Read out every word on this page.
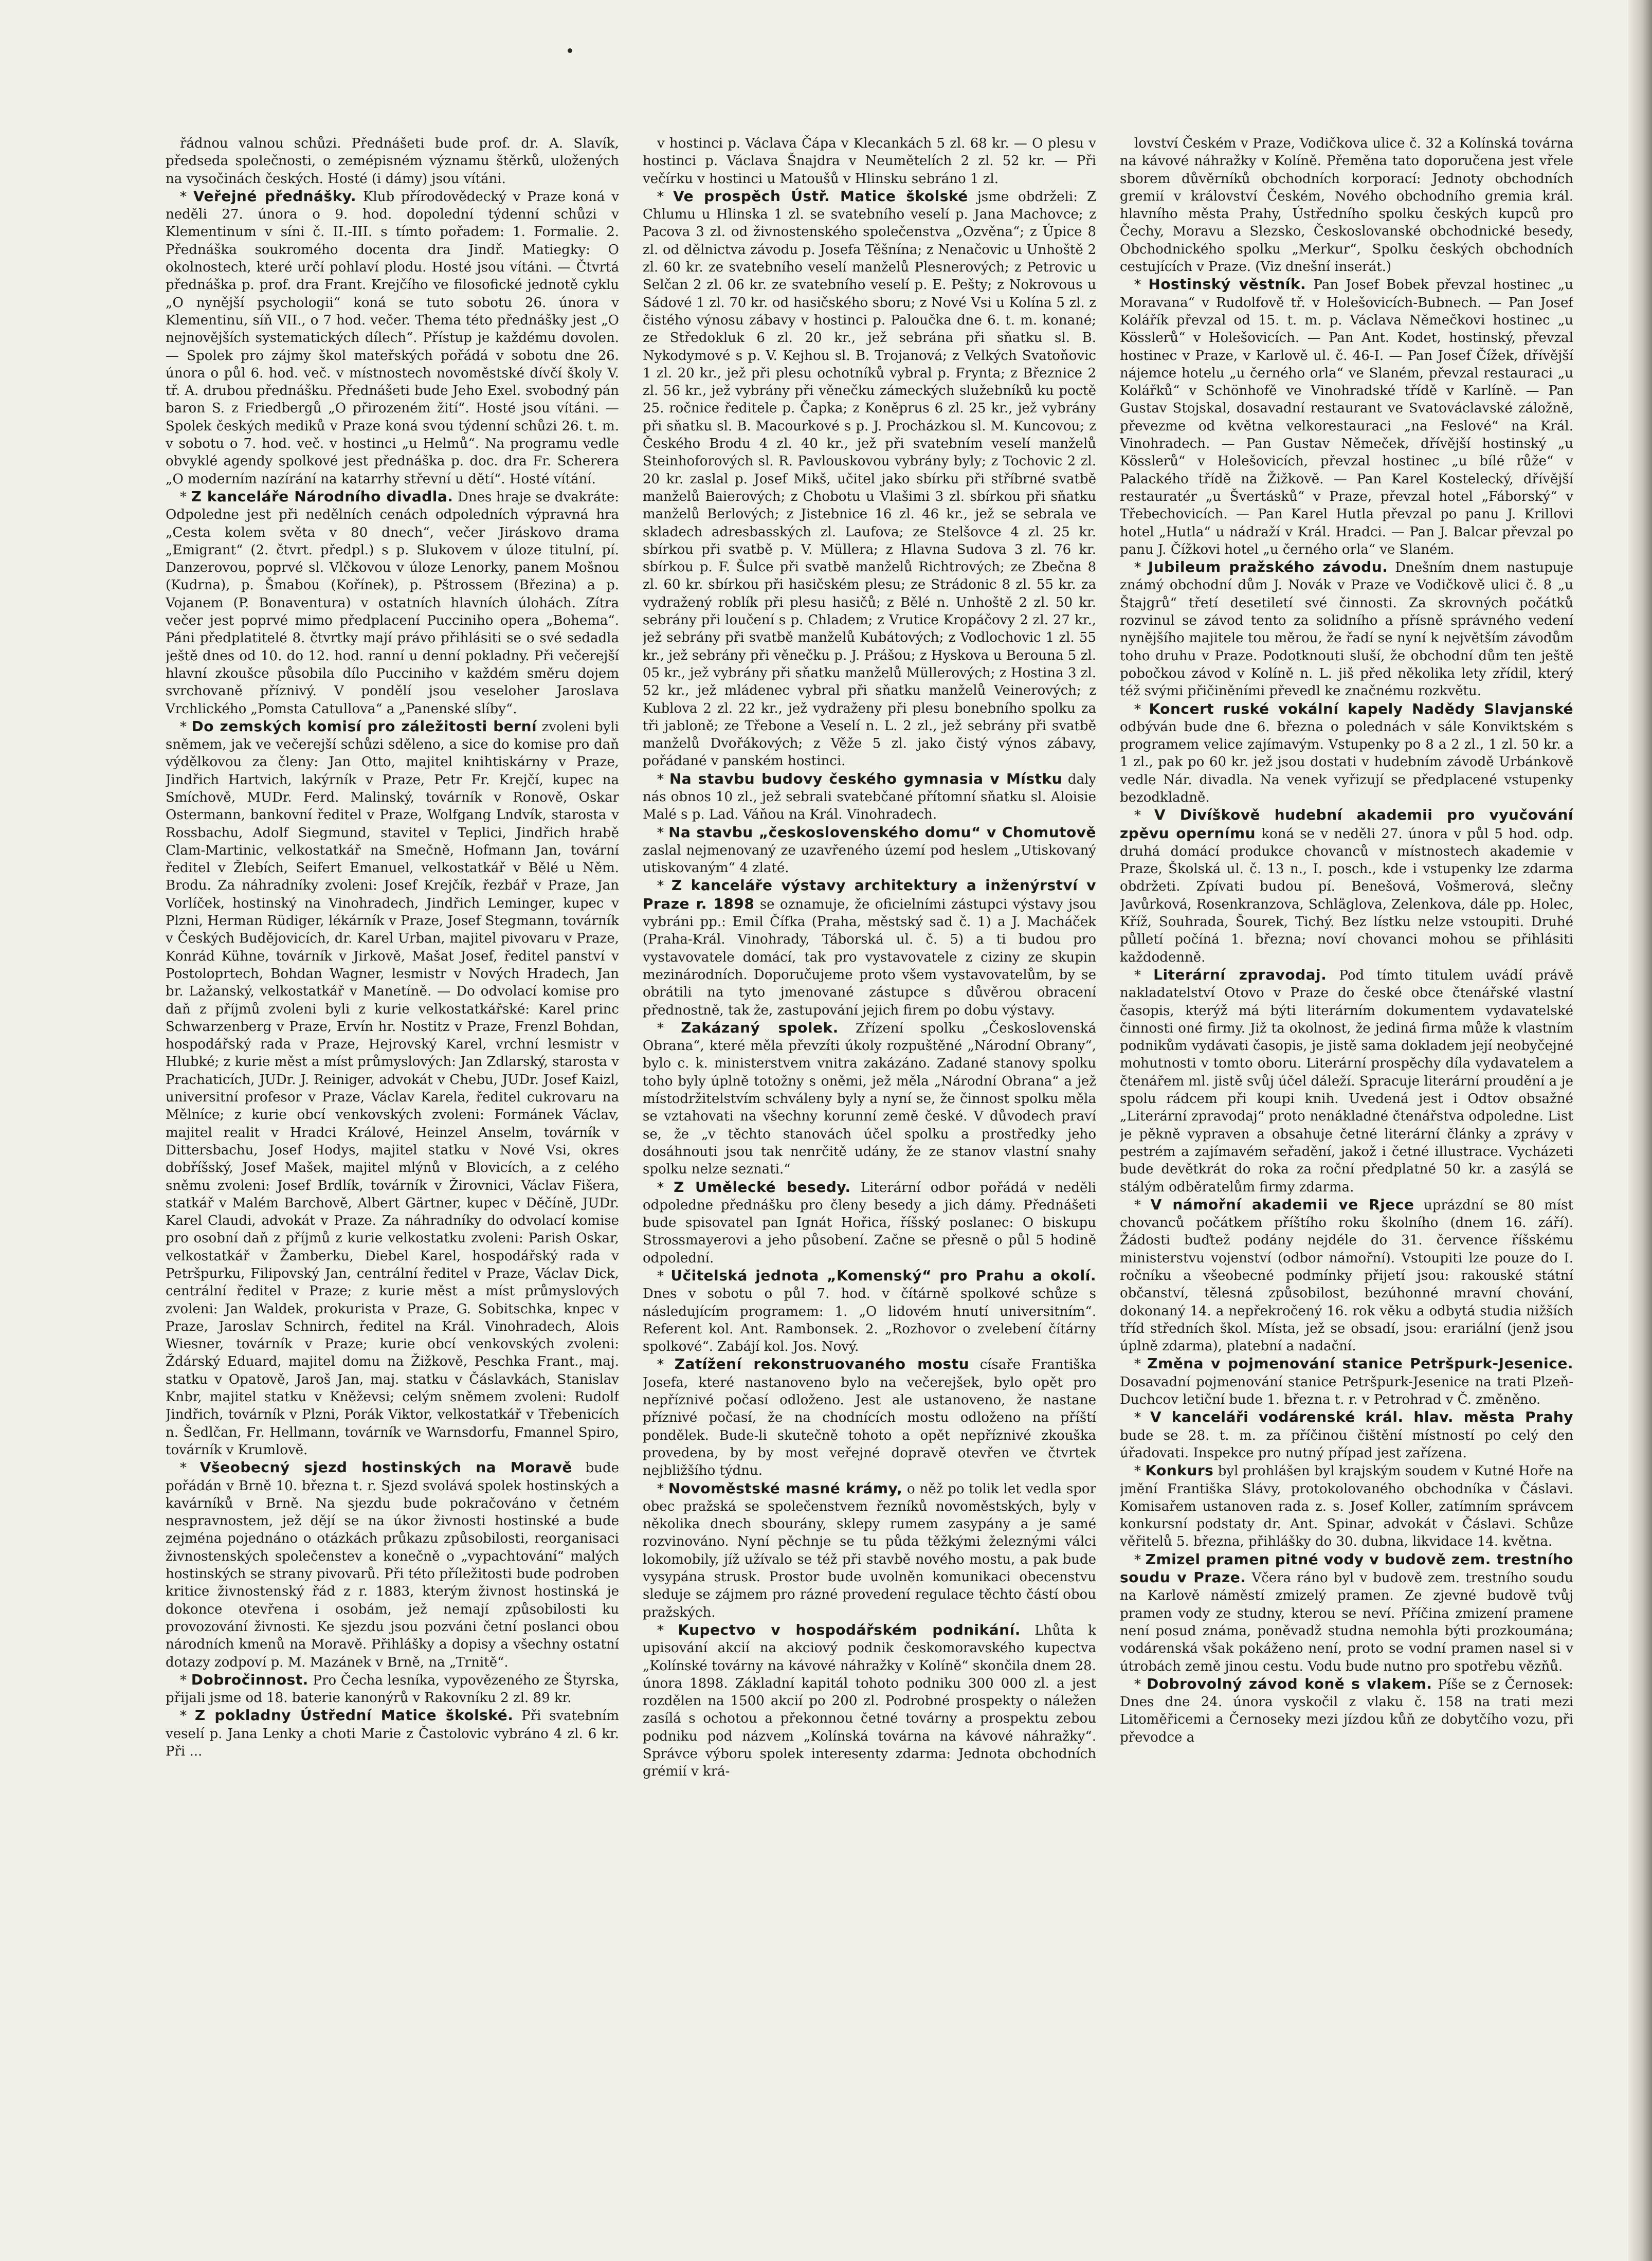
řádnou valnou schůzi. Přednášeti bude prof. dr. A. Slavík, předseda společnosti, o zemépisném významu štěrků, uložených na vysočinách českých. Hosté (i dámy) jsou vítáni.

* Veřejné přednášky. Klub přírodovědecký v Praze koná v neděli 27. února o 9. hod. dopolední týdenní schůzi v Klementinum v síni č. II.-III. s tímto pořadem: 1. Formalie. 2. Přednáška soukromého docenta dra Jindř. Matiegky: O okolnostech, které určí pohlaví plodu. Hosté jsou vítáni. — Čtvrtá přednáška p. prof. dra Frant. Krejčího ve filosofické jednotě cyklu „O nynější psychologii“ koná se tuto sobotu 26. února v Klementinu, síň VII., o 7 hod. večer. Thema této přednášky jest „O nejnovějších systematických dílech“. Přístup je každému dovolen. — Spolek pro zájmy škol mateřských pořádá v sobotu dne 26. února o půl 6. hod. več. v místnostech novoměstské dívčí školy V. tř. A. drubou přednášku. Přednášeti bude Jeho Exel. svobodný pán baron S. z Friedbergů „O přirozeném žití“. Hosté jsou vítáni. — Spolek českých mediků v Praze koná svou týdenní schůzi 26. t. m. v sobotu o 7. hod. več. v hostinci „u Helmů“. Na programu vedle obvyklé agendy spolkové jest přednáška p. doc. dra Fr. Scherera „O moderním nazírání na katarrhy střevní u dětí“. Hosté vítání.

* Z kanceláře Národního divadla. Dnes hraje se dvakráte: Odpoledne jest při nedělních cenách odpoledních výpravná hra „Cesta kolem světa v 80 dnech“, večer Jiráskovo drama „Emigrant“ (2. čtvrt. předpl.) s p. Slukovem v úloze titulní, pí. Danzerovou, poprvé sl. Vlčkovou v úloze Lenorky, panem Mošnou (Kudrna), p. Šmabou (Kořínek), p. Pštrossem (Březina) a p. Vojanem (P. Bonaventura) v ostatních hlavních úlohách. Zítra večer jest poprvé mimo předplacení Pucciniho opera „Bohema“. Páni předplatitelé 8. čtvrtky mají právo přihlásiti se o své sedadla ještě dnes od 10. do 12. hod. ranní u denní pokladny. Při večerejší hlavní zkoušce působila dílo Pucciniho v každém směru dojem svrchovaně příznivý. V pondělí jsou veseloher Jaroslava Vrchlického „Pomsta Catullova“ a „Panenské slíby“.

* Do zemských komisí pro záležitosti berní zvoleni byli sněmem, jak ve večerejší schůzi sděleno, a sice do komise pro daň výdělkovou za členy: Jan Otto, majitel knihtiskárny v Praze, Jindřich Hartvich, lakýrník v Praze, Petr Fr. Krejčí, kupec na Smíchově, MUDr. Ferd. Malinský, továrník v Ronově, Oskar Ostermann, bankovní ředitel v Praze, Wolfgang Lndvík, starosta v Rossbachu, Adolf Siegmund, stavitel v Teplici, Jindřich hrabě Clam-Martinic, velkostatkář na Smečně, Hofmann Jan, tovární ředitel v Žlebích, Seifert Emanuel, velkostatkář v Bělé u Něm. Brodu. Za náhradníky zvoleni: Josef Krejčík, řezbář v Praze, Jan Vorlíček, hostinský na Vinohradech, Jindřich Leminger, kupec v Plzni, Herman Rüdiger, lékárník v Praze, Josef Stegmann, továrník v Českých Budějovicích, dr. Karel Urban, majitel pivovaru v Praze, Konrád Kühne, továrník v Jirkově, Mašat Josef, ředitel panství v Postoloprtech, Bohdan Wagner, lesmistr v Nových Hradech, Jan br. Lažanský, velkostatkář v Manetíně. — Do odvolací komise pro daň z příjmů zvoleni byli z kurie velkostatkářské: Karel princ Schwarzenberg v Praze, Ervín hr. Nostitz v Praze, Frenzl Bohdan, hospodářský rada v Praze, Hejrovský Karel, vrchní lesmistr v Hlubké; z kurie měst a míst průmyslových: Jan Zdlarský, starosta v Prachaticích, JUDr. J. Reiniger, advokát v Chebu, JUDr. Josef Kaizl, universitní profesor v Praze, Václav Karela, ředitel cukrovaru na Mělníce; z kurie obcí venkovských zvoleni: Formánek Václav, majitel realit v Hradci Králové, Heinzel Anselm, továrník v Dittersbachu, Josef Hodys, majitel statku v Nové Vsi, okres dobříšský, Josef Mašek, majitel mlýnů v Blovicích, a z celého sněmu zvoleni: Josef Brdlík, továrník v Žirovnici, Václav Fišera, statkář v Malém Barchově, Albert Gärtner, kupec v Děčíně, JUDr. Karel Claudi, advokát v Praze. Za náhradníky do odvolací komise pro osobní daň z příjmů z kurie velkostatku zvoleni: Parish Oskar, velkostatkář v Žamberku, Diebel Karel, hospodářský rada v Petršpurku, Filipovský Jan, centrální ředitel v Praze, Václav Dick, centrální ředitel v Praze; z kurie měst a míst průmyslových zvoleni: Jan Waldek, prokurista v Praze, G. Sobitschka, knpec v Praze, Jaroslav Schnirch, ředitel na Král. Vinohradech, Alois Wiesner, továrník v Praze; kurie obcí venkovských zvoleni: Ždárský Eduard, majitel domu na Žižkově, Peschka Frant., maj. statku v Opatově, Jaroš Jan, maj. statku v Čáslavkách, Stanislav Knbr, majitel statku v Kněževsi; celým sněmem zvoleni: Rudolf Jindřich, továrník v Plzni, Porák Viktor, velkostatkář v Třebenicích n. Šedlčan, Fr. Hellmann, továrník ve Warnsdorfu, Fmannel Spiro, továrník v Krumlově.

* Všeobecný sjezd hostinských na Moravě bude pořádán v Brně 10. března t. r. Sjezd svolává spolek hostinských a kavárníků v Brně. Na sjezdu bude pokračováno v četném nespravnostem, jež dějí se na úkor živnosti hostinské a bude zejména pojednáno o otázkách průkazu způsobilosti, reorganisaci živnostenských společenstev a konečně o „vypachtování“ malých hostinských se strany pivovarů. Při této příležitosti bude podroben kritice živnostenský řád z r. 1883, kterým živnost hostinská je dokonce otevřena i osobám, jež nemají způsobilosti ku provozování živnosti. Ke sjezdu jsou pozváni četní poslanci obou národních kmenů na Moravě. Přihlášky a dopisy a všechny ostatní dotazy zodpoví p. M. Mazánek v Brně, na „Trnitě“.

* Dobročinnost. Pro Čecha lesníka, vypovězeného ze Štyrska, přijali jsme od 18. baterie kanonýrů v Rakovníku 2 zl. 89 kr.

* Z pokladny Ústřední Matice školské. Při svatebním veselí p. Jana Lenky a choti Marie z Častolovic vybráno 4 zl. 6 kr. Při ...

v hostinci p. Václava Čápa v Klecankách 5 zl. 68 kr. — O plesu v hostinci p. Václava Šnajdra v Neumětelích 2 zl. 52 kr. — Při večírku v hostinci u Matoušů v Hlinsku sebráno 1 zl.

* Ve prospěch Ústř. Matice školské jsme obdrželi: Z Chlumu u Hlinska 1 zl. se svatebního veselí p. Jana Machovce; z Pacova 3 zl. od živnostenského společenstva „Ozvěna“; z Úpice 8 zl. od dělnictva závodu p. Josefa Těšnína; z Nenačovic u Unhoště 2 zl. 60 kr. ze svatebního veselí manželů Plesnerových; z Petrovic u Selčan 2 zl. 06 kr. ze svatebního veselí p. E. Pešty; z Nokrovous u Sádové 1 zl. 70 kr. od hasičského sboru; z Nové Vsi u Kolína 5 zl. z čistého výnosu zábavy v hostinci p. Paloučka dne 6. t. m. konané; ze Středokluk 6 zl. 20 kr., jež sebrána při sňatku sl. B. Nykodymové s p. V. Kejhou sl. B. Trojanová; z Velkých Svatoňovic 1 zl. 20 kr., jež při plesu ochotníků vybral p. Frynta; z Březnice 2 zl. 56 kr., jež vybrány při věnečku zámeckých služebníků ku poctě 25. ročnice ředitele p. Čapka; z Koněprus 6 zl. 25 kr., jež vybrány při sňatku sl. B. Macourkové s p. J. Procházkou sl. M. Kuncovou; z Českého Brodu 4 zl. 40 kr., jež při svatebním veselí manželů Steinhoforových sl. R. Pavlouskovou vybrány byly; z Tochovic 2 zl. 20 kr. zaslal p. Josef Mikš, učitel jako sbírku při stříbrné svatbě manželů Baierových; z Chobotu u Vlašimi 3 zl. sbírkou při sňatku manželů Berlových; z Jistebnice 16 zl. 46 kr., jež se sebrala ve skladech adresbasských zl. Laufova; ze Stelšovce 4 zl. 25 kr. sbírkou při svatbě p. V. Müllera; z Hlavna Sudova 3 zl. 76 kr. sbírkou p. F. Šulce při svatbě manželů Richtrových; ze Zbečna 8 zl. 60 kr. sbírkou při hasičském plesu; ze Strádonic 8 zl. 55 kr. za vydražený roblík při plesu hasičů; z Bělé n. Unhoště 2 zl. 50 kr. sebrány při loučení s p. Chladem; z Vrutice Kropáčovy 2 zl. 27 kr., jež sebrány při svatbě manželů Kubátových; z Vodlochovic 1 zl. 55 kr., jež sebrány při věnečku p. J. Prášou; z Hyskova u Berouna 5 zl. 05 kr., jež vybrány při sňatku manželů Müllerových; z Hostina 3 zl. 52 kr., jež mládenec vybral při sňatku manželů Veinerových; z Kublova 2 zl. 22 kr., jež vydraženy při plesu bonebního spolku za tři jabloně; ze Třebone a Veselí n. L. 2 zl., jež sebrány při svatbě manželů Dvořákových; z Věže 5 zl. jako čistý výnos zábavy, pořádané v panském hostinci.

* Na stavbu budovy českého gymnasia v Místku daly nás obnos 10 zl., jež sebrali svatebčané přítomní sňatku sl. Aloisie Malé s p. Lad. Váňou na Král. Vinohradech.

* Na stavbu „československého domu“ v Chomutově zaslal nejmenovaný ze uzavřeného území pod heslem „Utiskovaný utiskovaným“ 4 zlaté.

* Z kanceláře výstavy architektury a inženýrství v Praze r. 1898 se oznamuje, že oficielními zástupci výstavy jsou vybráni pp.: Emil Čífka (Praha, městský sad č. 1) a J. Macháček (Praha-Král. Vinohrady, Táborská ul. č. 5) a ti budou pro vystavovatele domácí, tak pro vystavovatele z ciziny ze skupin mezinárodních. Doporučujeme proto všem vystavovatelům, by se obrátili na tyto jmenované zástupce s důvěrou obracení přednostně, tak že, zastupování jejich firem po dobu výstavy.

* Zakázaný spolek. Zřízení spolku „Československá Obrana“, které měla převzíti úkoly rozpuštěné „Národní Obrany“, bylo c. k. ministerstvem vnitra zakázáno. Zadané stanovy spolku toho byly úplně totožny s oněmi, jež měla „Národní Obrana“ a jež místodržitelstvím schváleny byly a nyní se, že činnost spolku měla se vztahovati na všechny korunní země české. V důvodech praví se, že „v těchto stanovách účel spolku a prostředky jeho dosáhnouti jsou tak nenrčitě udány, že ze stanov vlastní snahy spolku nelze seznati.“

* Z Umělecké besedy. Literární odbor pořádá v neděli odpoledne přednášku pro členy besedy a jich dámy. Přednášeti bude spisovatel pan Ignát Hořica, říšský poslanec: O biskupu Strossmayerovi a jeho působení. Začne se přesně o půl 5 hodině odpolední.

* Učitelská jednota „Komenský“ pro Prahu a okolí. Dnes v sobotu o půl 7. hod. v čítárně spolkové schůze s následujícím programem: 1. „O lidovém hnutí universitním“. Referent kol. Ant. Rambonsek. 2. „Rozhovor o zvelebení čítárny spolkové“. Zabájí kol. Jos. Nový.

* Zatížení rekonstruovaného mostu císaře Františka Josefa, které nastanoveno bylo na večerejšek, bylo opět pro nepříznivé počasí odloženo. Jest ale ustanoveno, že nastane příznivé počasí, že na chodnících mostu odloženo na příští pondělek. Bude-li skutečně tohoto a opět nepříznivé zkouška provedena, by by most veřejné dopravě otevřen ve čtvrtek nejbližšího týdnu.

* Novoměstské masné krámy, o něž po tolik let vedla spor obec pražská se společenstvem řezníků novoměstských, byly v několika dnech sbourány, sklepy rumem zasypány a je samé rozvinováno. Nyní pěchnje se tu půda těžkými železnými válci lokomobily, jíž užívalo se též při stavbě nového mostu, a pak bude vysypána strusk. Prostor bude uvolněn komunikaci obecenstvu sleduje se zájmem pro rázné provedení regulace těchto částí obou pražských.

* Kupectvo v hospodářském podnikání. Lhůta k upisování akcií na akciový podnik českomoravského kupectva „Kolínské továrny na kávové náhražky v Kolíně“ skončila dnem 28. února 1898. Základní kapitál tohoto podniku 300 000 zl. a jest rozdělen na 1500 akcií po 200 zl. Podrobné prospekty o náležen zasílá s ochotou a překonnou četné továrny a prospektu zebou podniku pod názvem „Kolínská továrna na kávové náhražky“. Správce výboru spolek interesenty zdarma: Jednota obchodních grémií v krá-

lovství Českém v Praze, Vodičkova ulice č. 32 a Kolínská továrna na kávové náhražky v Kolíně. Přeměna tato doporučena jest vřele sborem důvěrníků obchodních korporací: Jednoty obchodních gremií v království Českém, Nového obchodního gremia král. hlavního města Prahy, Ústředního spolku českých kupců pro Čechy, Moravu a Slezsko, Českoslovanské obchodnické besedy, Obchodnického spolku „Merkur“, Spolku českých obchodních cestujících v Praze. (Viz dnešní inserát.)

* Hostinský věstník. Pan Josef Bobek převzal hostinec „u Moravana“ v Rudolfově tř. v Holešovicích-Bubnech. — Pan Josef Kolářík převzal od 15. t. m. p. Václava Němečkovi hostinec „u Kösslerů“ v Holešovicích. — Pan Ant. Kodet, hostinský, převzal hostinec v Praze, v Karlově ul. č. 46-I. — Pan Josef Čížek, dřívější nájemce hotelu „u černého orla“ ve Slaném, převzal restauraci „u Kolářků“ v Schönhofě ve Vinohradské třídě v Karlíně. — Pan Gustav Stojskal, dosavadní restaurant ve Svatováclavské záložně, převezme od května velkorestauraci „na Feslové“ na Král. Vinohradech. — Pan Gustav Němeček, dřívější hostinský „u Kösslerů“ v Holešovicích, převzal hostinec „u bílé růže“ v Palackého třídě na Žižkově. — Pan Karel Kostelecký, dřívější restauratér „u Švertásků“ v Praze, převzal hotel „Fáborský“ v Třebechovicích. — Pan Karel Hutla převzal po panu J. Krillovi hotel „Hutla“ u nádraží v Král. Hradci. — Pan J. Balcar převzal po panu J. Čížkovi hotel „u černého orla“ ve Slaném.

* Jubileum pražského závodu. Dnešním dnem nastupuje známý obchodní dům J. Novák v Praze ve Vodičkově ulici č. 8 „u Štajgrů“ třetí desetiletí své činnosti. Za skrovných počátků rozvinul se závod tento za solidního a přísně správného vedení nynějšího majitele tou měrou, že řadí se nyní k největším závodům toho druhu v Praze. Podotknouti sluší, že obchodní dům ten ještě pobočkou závod v Kolíně n. L. jiš před několika lety zřídil, který též svými přičiněními převedl ke značnému rozkvětu.

* Koncert ruské vokální kapely Nadědy Slavjanské odbýván bude dne 6. března o polednách v sále Konviktském s programem velice zajímavým. Vstupenky po 8 a 2 zl., 1 zl. 50 kr. a 1 zl., pak po 60 kr. jež jsou dostati v hudebním závodě Urbánkově vedle Nár. divadla. Na venek vyřizují se předplacené vstupenky bezodkladně.

* V Divíškově hudební akademii pro vyučování zpěvu opernímu koná se v neděli 27. února v půl 5 hod. odp. druhá domácí produkce chovanců v místnostech akademie v Praze, Školská ul. č. 13 n., I. posch., kde i vstupenky lze zdarma obdržeti. Zpívati budou pí. Benešová, Vošmerová, slečny Javůrková, Rosenkranzova, Schläglova, Zelenkova, dále pp. Holec, Kříž, Souhrada, Šourek, Tichý. Bez lístku nelze vstoupiti. Druhé půlletí počíná 1. března; noví chovanci mohou se přihlásiti každodenně.

* Literární zpravodaj. Pod tímto titulem uvádí právě nakladatelství Otovo v Praze do české obce čtenářské vlastní časopis, kterýž má býti literárním dokumentem vydavatelské činnosti oné firmy. Již ta okolnost, že jediná firma může k vlastním podnikům vydávati časopis, je jistě sama dokladem její neobyčejné mohutnosti v tomto oboru. Literární prospěchy díla vydavatelem a čtenářem ml. jistě svůj účel dáleží. Spracuje literární proudění a je spolu rádcem při koupi knih. Uvedená jest i Odtov obsažné „Literární zpravodaj“ proto nenákladné čtenářstva odpoledne. List je pěkně vypraven a obsahuje četné literární články a zprávy v pestrém a zajímavém seřadění, jakož i četné illustrace. Vycházeti bude devětkrát do roka za roční předplatné 50 kr. a zasýlá se stálým odběratelům firmy zdarma.

* V námořní akademii ve Rjece uprázdní se 80 míst chovanců počátkem příštího roku školního (dnem 16. září). Žádosti buďtež podány nejdéle do 31. července říšskému ministerstvu vojenství (odbor námořní). Vstoupiti lze pouze do I. ročníku a všeobecné podmínky přijetí jsou: rakouské státní občanství, tělesná způsobilost, bezúhonné mravní chování, dokonaný 14. a nepřekročený 16. rok věku a odbytá studia nižších tříd středních škol. Místa, jež se obsadí, jsou: erariální (jenž jsou úplně zdarma), platební a nadační.

* Změna v pojmenování stanice Petršpurk-Jesenice. Dosavadní pojmenování stanice Petršpurk-Jesenice na trati Plzeň-Duchcov letiční bude 1. března t. r. v Petrohrad v Č. změněno.

* V kanceláři vodárenské král. hlav. města Prahy bude se 28. t. m. za příčinou čištění místností po celý den úřadovati. Inspekce pro nutný případ jest zařízena.

* Konkurs byl prohlášen byl krajským soudem v Kutné Hoře na jmění Františka Slávy, protokolovaného obchodníka v Čáslavi. Komisařem ustanoven rada z. s. Josef Koller, zatímním správcem konkursní podstaty dr. Ant. Spinar, advokát v Čáslavi. Schůze věřitelů 5. března, přihlášky do 30. dubna, likvidace 14. května.

* Zmizel pramen pitné vody v budově zem. trestního soudu v Praze. Včera ráno byl v budově zem. trestního soudu na Karlově náměstí zmizelý pramen. Ze zjevné budově tvůj pramen vody ze studny, kterou se neví. Příčina zmizení pramene není posud známa, poněvadž studna nemohla býti prozkoumána; vodárenská však pokáženo není, proto se vodní pramen nasel si v útrobách země jinou cestu. Vodu bude nutno pro spotřebu vězňů.

* Dobrovolný závod koně s vlakem. Píše se z Černosek: Dnes dne 24. února vyskočil z vlaku č. 158 na trati mezi Litoměřicemi a Černoseky mezi jízdou kůň ze dobytčího vozu, při převodce a
